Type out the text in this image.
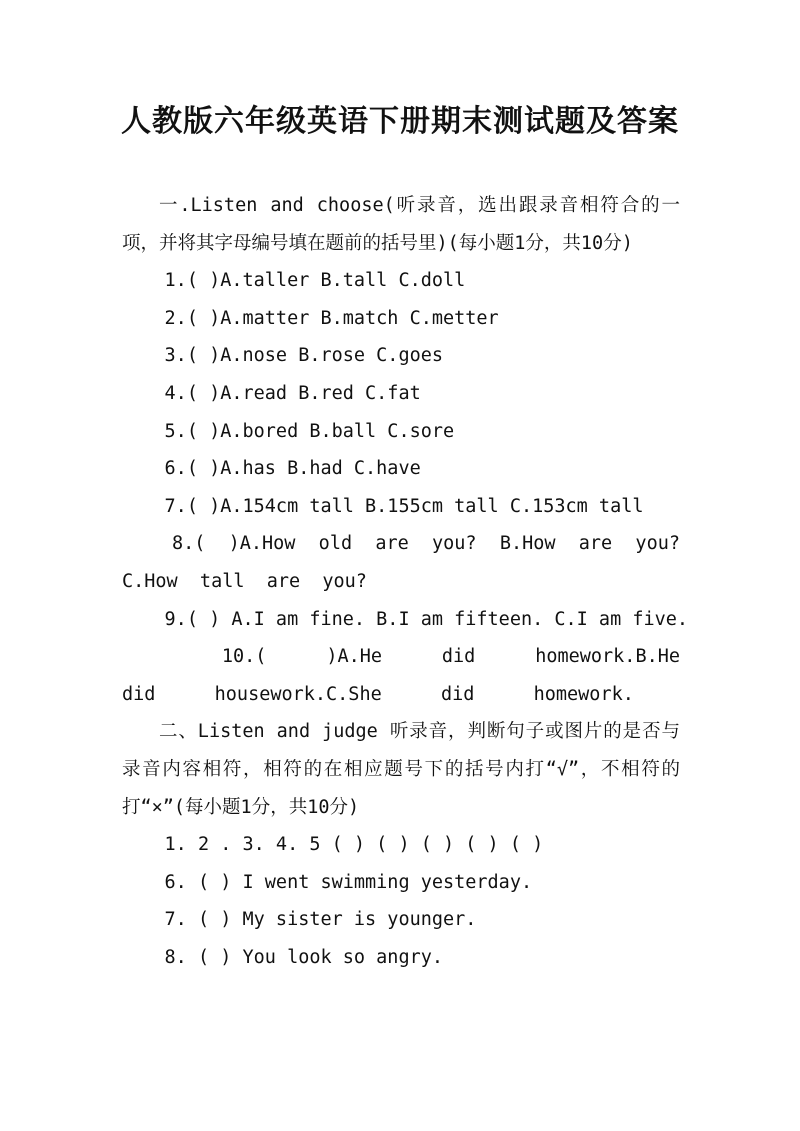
人教版六年级英语下册期末测试题及答案

一.Listen and choose(听录音，选出跟录音相符合的一项，并将其字母编号填在题前的括号里)(每小题1分，共10分)

1.( )A.taller B.tall C.doll
2.( )A.matter B.match C.metter
3.( )A.nose B.rose C.goes
4.( )A.read B.red C.fat
5.( )A.bored B.ball C.sore
6.( )A.has B.had C.have
7.( )A.154cm tall B.155cm tall C.153cm tall

8.( )A.How old are you? B.How are you? C.How tall are you?

9.( ) A.I am fine. B.I am fifteen. C.I am five.

10.( )A.He did homework.B.He did housework.C.She did homework.

二、Listen and judge 听录音，判断句子或图片的是否与录音内容相符，相符的在相应题号下的括号内打“√”，不相符的打“×”(每小题1分，共10分)

1. 2 . 3. 4. 5 ( ) ( ) ( ) ( ) ( )
6. ( ) I went swimming yesterday.
7. ( ) My sister is younger.
8. ( ) You look so angry.
